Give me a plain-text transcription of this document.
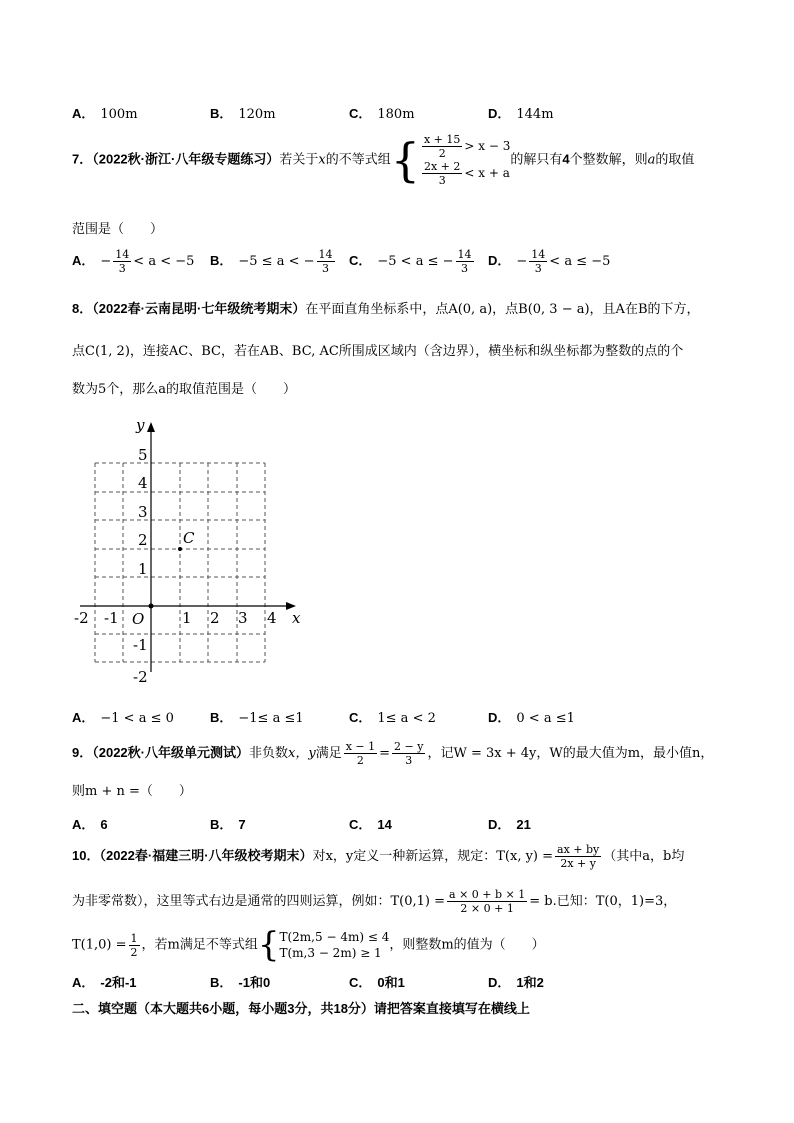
A． 100m	B． 120m	C． 180m	D． 144m
7．（2022秋·浙江·八年级专题练习）若关于x的不等式组{ $\frac{x + 15}{2} > x - 3$
$\frac{2x + 2}{3} < x + a$
的解只有4个整数解，则a的取值
范围是（　　）
A． − $\frac{14}{3} < a < -5$ B． −5 ≤ a < − $\frac{14}{3}$ C． −5 < a ≤ − $\frac{14}{3}$ D． − $\frac{14}{3} < a \le -5$
8．（2022春·云南昆明·七年级统考期末）在平面直角坐标系中，点A(0, a)，点B(0, 3 − a)，且A在B的下方，
点C(1, 2)，连接AC、BC，若在AB、BC, AC所围成区域内（含边界），横坐标和纵坐标都为整数的点的个
数为5个，那么a的取值范围是（　　）
y
x
O
C
5
4
3
2
1
-1
-2
-2 -1	1 2 3 4
A． −1 < a ≤ 0	B． −1≤ a ≤1	C． 1≤ a < 2	D． 0 < a ≤1
9．（2022秋·八年级单元测试）非负数x，y满足 $\frac{x - 1}{2} = \frac{2 - y}{3}$ ，记W = 3x + 4y，W的最大值为m，最小值n，
则m + n =（　　）
A． 6	B． 7	C． 14	D． 21
10．（2022春·福建三明·八年级校考期末）对x，y定义一种新运算，规定：T(x, $y) = \frac{ax + by}{2x + y}$ （其中a，b均
为非零常数），这里等式右边是通常的四则运算，例如：$T(0,1) = \frac{a \times 0 + b \times 1}{2 \times 0 + 1} = b$.已知：T(0，1)=3，
$T(1,0) = \frac{1}{2}$ ，若m满足不等式组{ T(2m,5 − 4m) ≤ 4
T(m,3 − 2m) ≥ 1
，则整数m的值为（　　）
A． -2和-1	B． -1和0	C． 0和1	D． 1和2
二、填空题（本大题共6小题，每小题3分，共18分）请把答案直接填写在横线上
